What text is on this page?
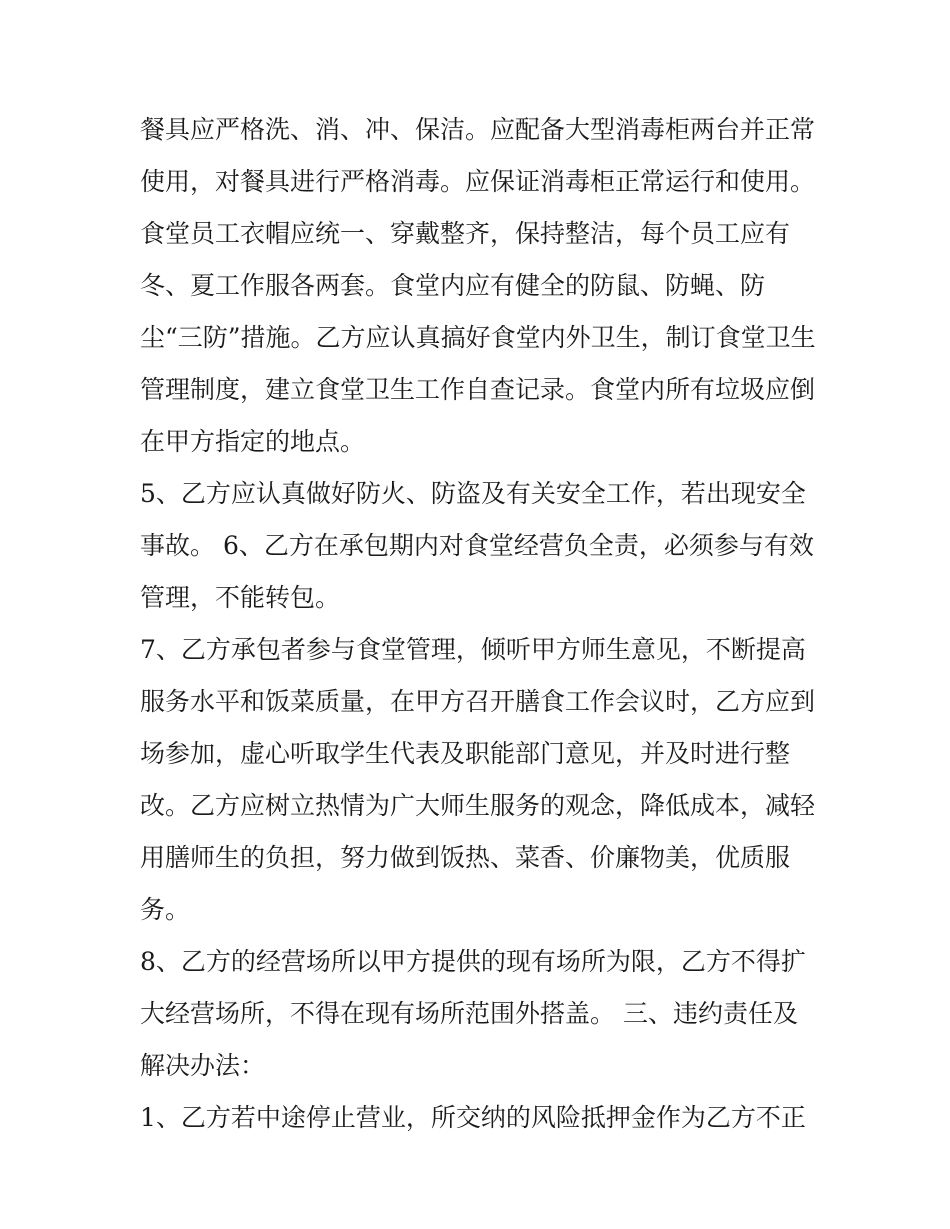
餐具应严格洗、消、冲、保洁。应配备大型消毒柜两台并正常
使用，对餐具进行严格消毒。应保证消毒柜正常运行和使用。
食堂员工衣帽应统一、穿戴整齐，保持整洁，每个员工应有
冬、夏工作服各两套。食堂内应有健全的防鼠、防蝇、防
尘“三防”措施。乙方应认真搞好食堂内外卫生，制订食堂卫生
管理制度，建立食堂卫生工作自查记录。食堂内所有垃圾应倒
在甲方指定的地点。
5、乙方应认真做好防火、防盗及有关安全工作，若出现安全
事故。 6、乙方在承包期内对食堂经营负全责，必须参与有效
管理，不能转包。
7、乙方承包者参与食堂管理，倾听甲方师生意见，不断提高
服务水平和饭菜质量，在甲方召开膳食工作会议时，乙方应到
场参加，虚心听取学生代表及职能部门意见，并及时进行整
改。乙方应树立热情为广大师生服务的观念，降低成本，减轻
用膳师生的负担，努力做到饭热、菜香、价廉物美，优质服
务。
8、乙方的经营场所以甲方提供的现有场所为限，乙方不得扩
大经营场所，不得在现有场所范围外搭盖。 三、违约责任及
解决办法：
1、乙方若中途停止营业，所交纳的风险抵押金作为乙方不正
